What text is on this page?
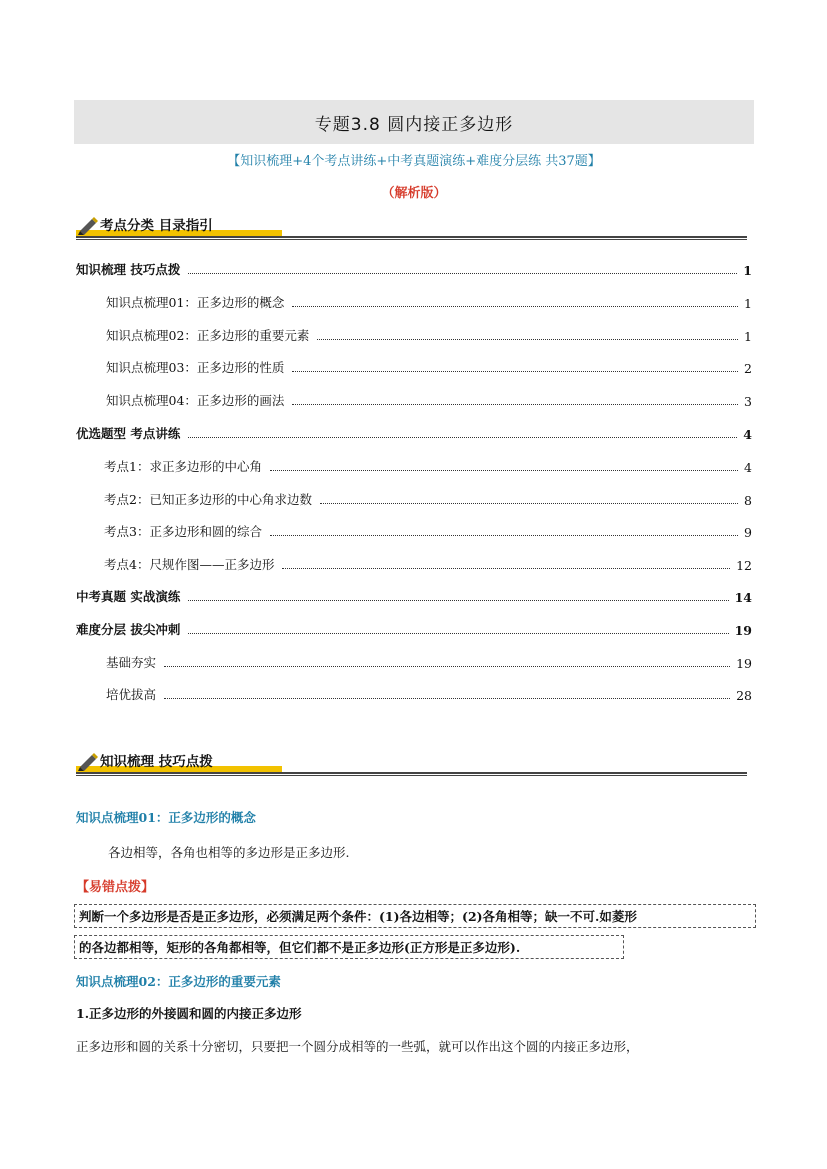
专题3.8 圆内接正多边形
【知识梳理+4个考点讲练+中考真题演练+难度分层练 共37题】
（解析版）
考点分类 目录指引
知识梳理 技巧点拨	1
知识点梳理01：正多边形的概念	1
知识点梳理02：正多边形的重要元素	1
知识点梳理03：正多边形的性质	2
知识点梳理04：正多边形的画法	3
优选题型 考点讲练	4
考点1：求正多边形的中心角	4
考点2：已知正多边形的中心角求边数	8
考点3：正多边形和圆的综合	9
考点4：尺规作图——正多边形	12
中考真题 实战演练	14
难度分层 拔尖冲刺	19
基础夯实	19
培优拔高	28
知识梳理 技巧点拨
知识点梳理01：正多边形的概念
各边相等，各角也相等的多边形是正多边形.
【易错点拨】
判断一个多边形是否是正多边形，必须满足两个条件：(1)各边相等；(2)各角相等；缺一不可.如菱形
的各边都相等，矩形的各角都相等，但它们都不是正多边形(正方形是正多边形).
知识点梳理02：正多边形的重要元素
1.正多边形的外接圆和圆的内接正多边形
正多边形和圆的关系十分密切，只要把一个圆分成相等的一些弧，就可以作出这个圆的内接正多边形，
